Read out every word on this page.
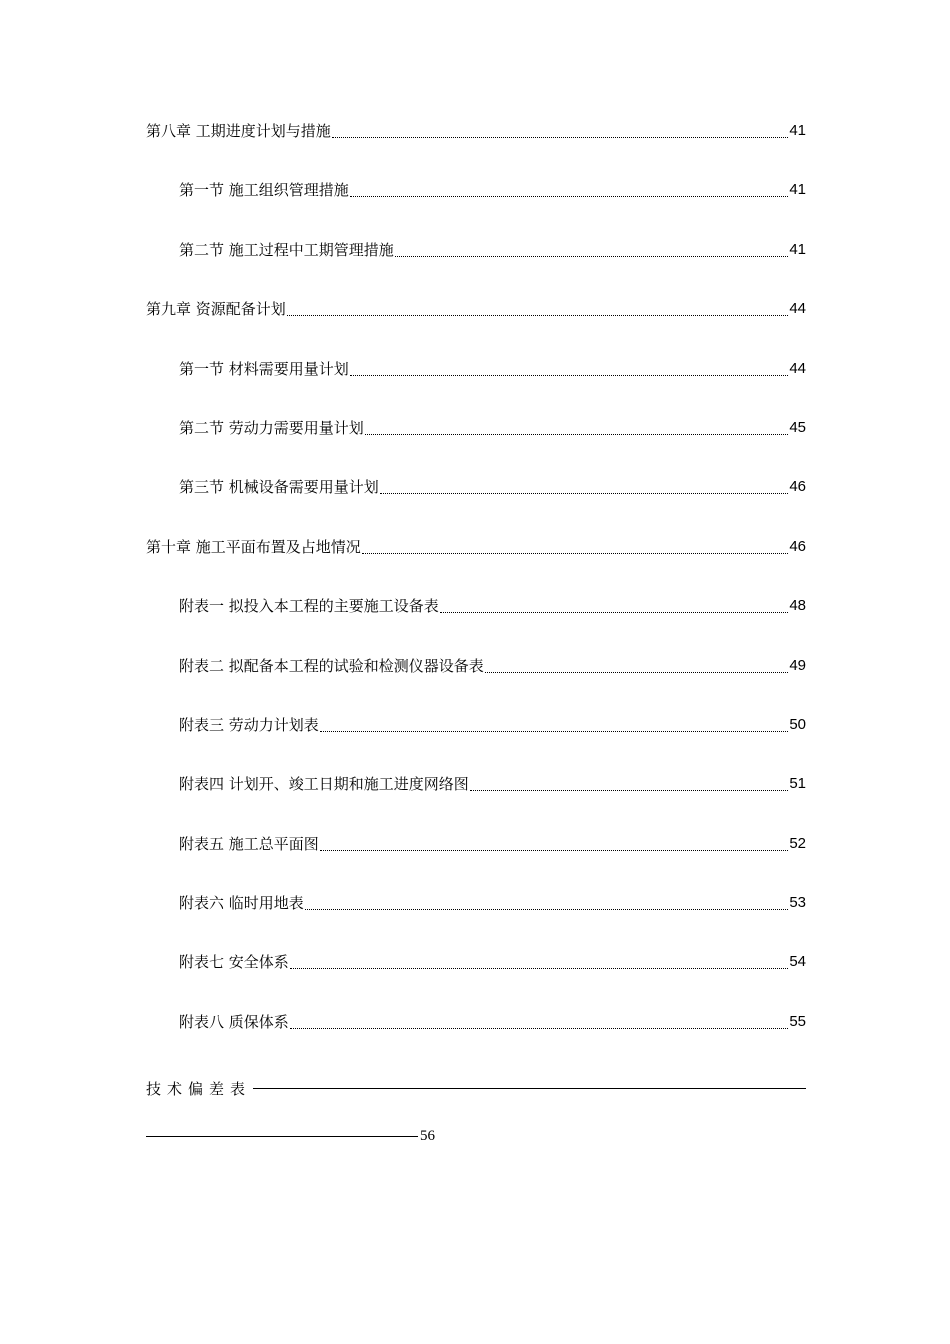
第八章 工期进度计划与措施	41
第一节 施工组织管理措施	41
第二节 施工过程中工期管理措施	41
第九章 资源配备计划	44
第一节 材料需要用量计划	44
第二节 劳动力需要用量计划	45
第三节 机械设备需要用量计划	46
第十章 施工平面布置及占地情况	46
附表一 拟投入本工程的主要施工设备表	48
附表二 拟配备本工程的试验和检测仪器设备表	49
附表三 劳动力计划表	50
附表四 计划开、竣工日期和施工进度网络图	51
附表五 施工总平面图	52
附表六 临时用地表	53
附表七 安全体系	54
附表八 质保体系	55
技术偏差表
56
